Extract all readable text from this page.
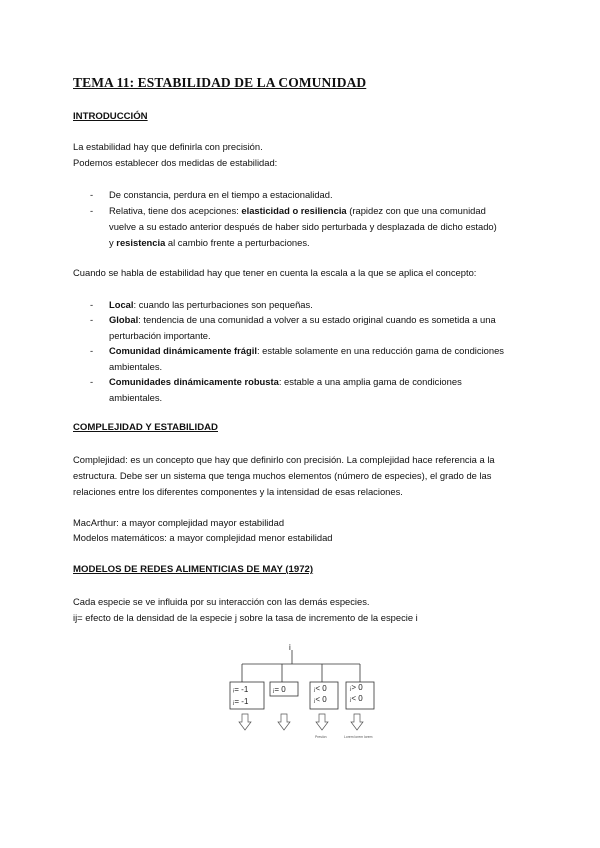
TEMA 11: ESTABILIDAD DE LA COMUNIDAD
INTRODUCCIÓN
La estabilidad hay que definirla con precisión.
Podemos establecer dos medidas de estabilidad:
- De constancia, perdura en el tiempo a estacionalidad.
- Relativa, tiene dos acepciones: elasticidad o resiliencia (rapidez con que una comunidad
vuelve a su estado anterior después de haber sido perturbada y desplazada de dicho estado)
y resistencia al cambio frente a perturbaciones.
Cuando se habla de estabilidad hay que tener en cuenta la escala a la que se aplica el concepto:
- Local: cuando las perturbaciones son pequeñas.
- Global: tendencia de una comunidad a volver a su estado original cuando es sometida a una
perturbación importante.
- Comunidad dinámicamente frágil: estable solamente en una reducción gama de condiciones
ambientales.
- Comunidades dinámicamente robusta: estable a una amplia gama de condiciones
ambientales.
COMPLEJIDAD Y ESTABILIDAD
Complejidad: es un concepto que hay que definirlo con precisión. La complejidad hace referencia a la
estructura. Debe ser un sistema que tenga muchos elementos (número de especies), el grado de las
relaciones entre los diferentes componentes y la intensidad de esas relaciones.
MacArthur: a mayor complejidad mayor estabilidad
Modelos matemáticos: a mayor complejidad menor estabilidad
MODELOS DE REDES ALIMENTICIAS DE MAY (1972)
Cada especie se ve influida por su interacción con las demás especies.
ij= efecto de la densidad de la especie j sobre la tasa de incremento de la especie i
i
ᵢ= -1
ⱼ= -1
ⱼ= 0	ⱼ< 0
ⱼ< 0
ⱼ> 0
ⱼ< 0
Presión	Lorem lorem lorem
